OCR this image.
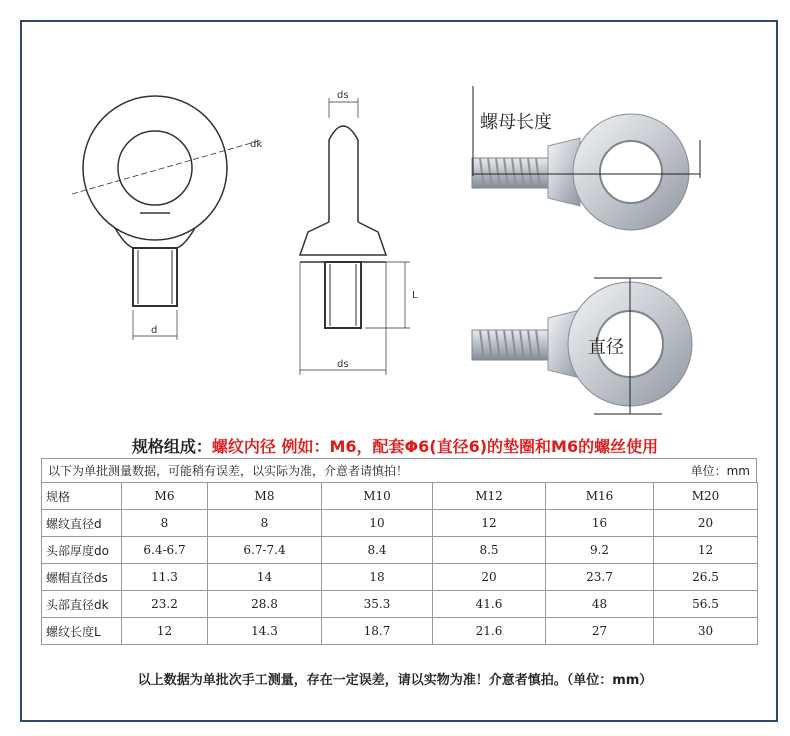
dk
d
ds
ds
L
螺母长度
直径
规格组成：螺纹内径 例如：M6，配套Φ6(直径6)的垫圈和M6的螺丝使用
以下为单批测量数据，可能稍有误差，以实际为准，介意者请慎拍！	单位：mm
规格	M6	M8	M10	M12	M16	M20
螺纹直径d	8	8	10	12	16	20
头部厚度do	6.4-6.7	6.7-7.4	8.4	8.5	9.2	12
螺帽直径ds	11.3	14	18	20	23.7	26.5
头部直径dk	23.2	28.8	35.3	41.6	48	56.5
螺纹长度L	12	14.3	18.7	21.6	27	30
以上数据为单批次手工测量，存在一定误差，请以实物为准！介意者慎拍。（单位：mm）
